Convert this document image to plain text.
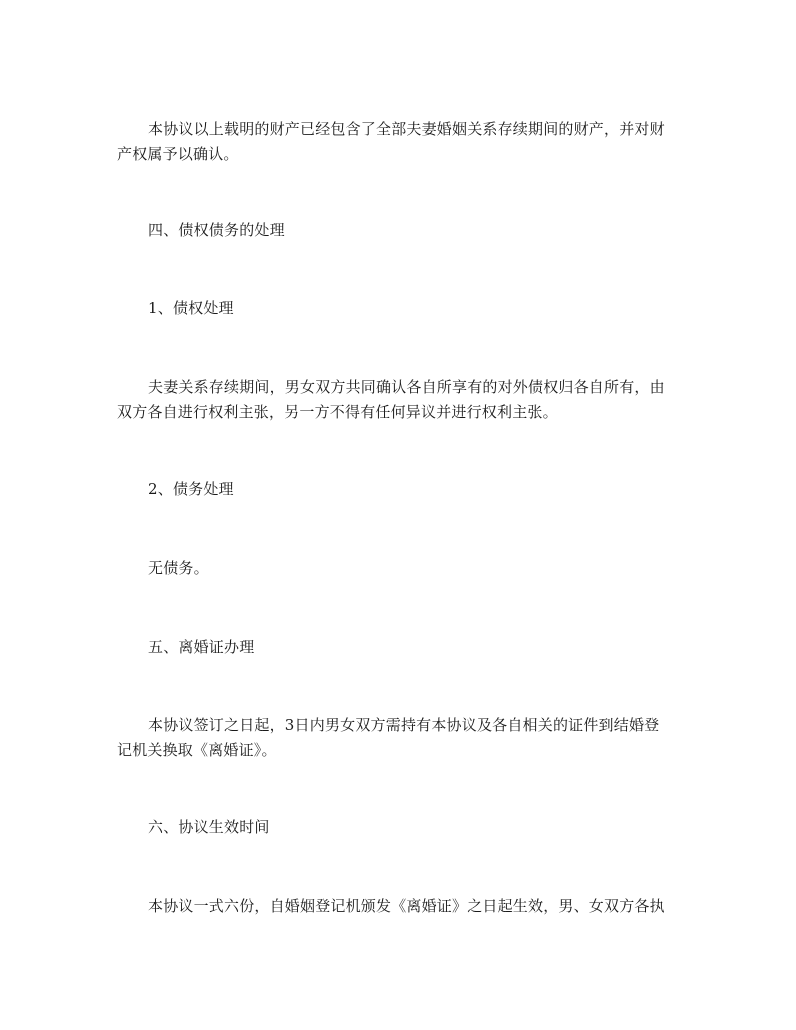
本协议以上载明的财产已经包含了全部夫妻婚姻关系存续期间的财产，并对财
产权属予以确认。

四、债权债务的处理

1、债权处理

夫妻关系存续期间，男女双方共同确认各自所享有的对外债权归各自所有，由
双方各自进行权利主张，另一方不得有任何异议并进行权利主张。

2、债务处理

无债务。

五、离婚证办理

本协议签订之日起，3日内男女双方需持有本协议及各自相关的证件到结婚登
记机关换取《离婚证》。

六、协议生效时间

本协议一式六份，自婚姻登记机颁发《离婚证》之日起生效，男、女双方各执
